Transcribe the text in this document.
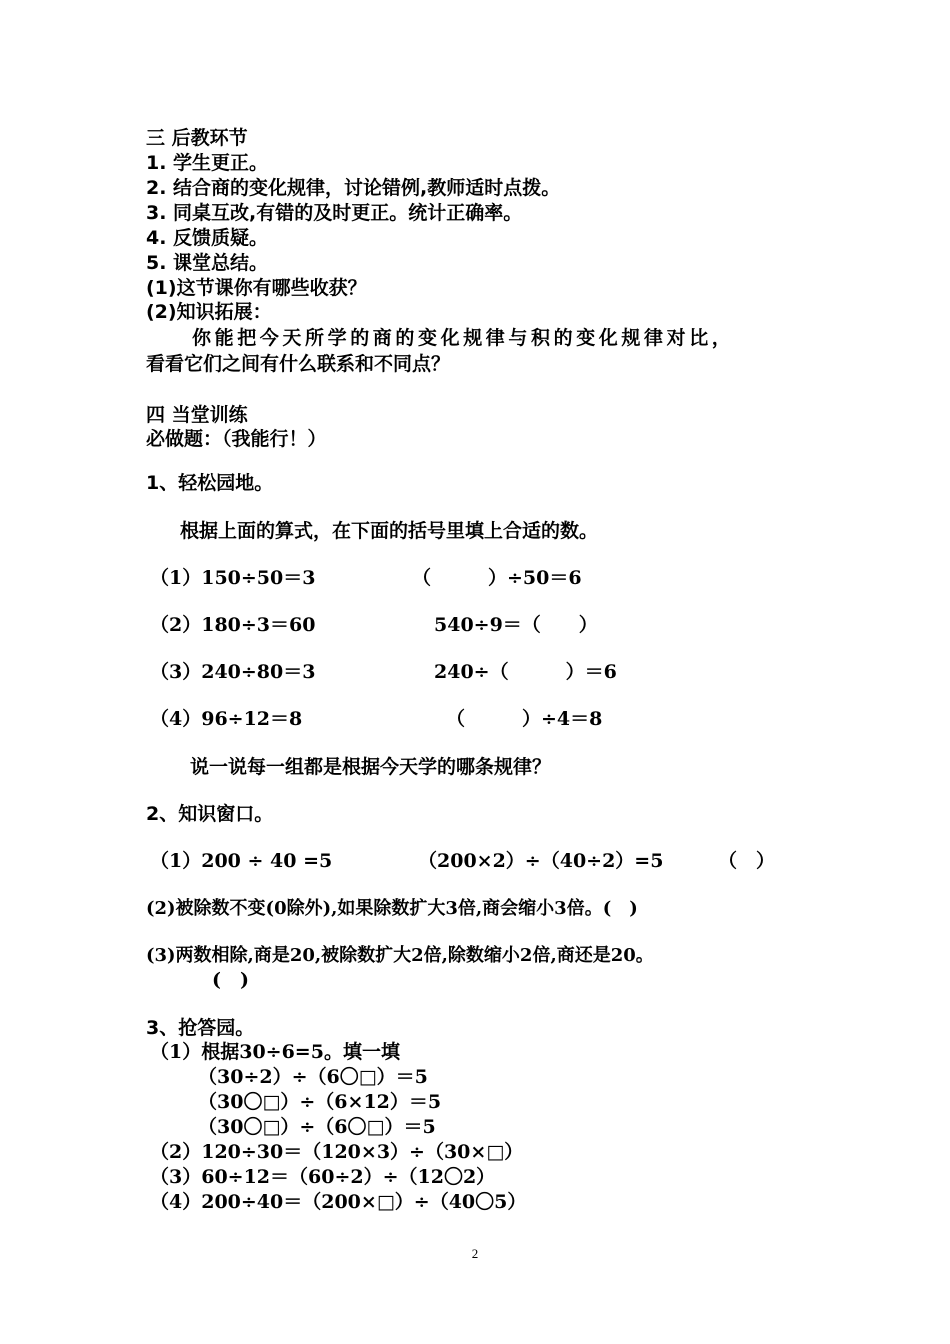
三 后教环节
1. 学生更正。
2. 结合商的变化规律，讨论错例,教师适时点拨。
3. 同桌互改,有错的及时更正。统计正确率。
4. 反馈质疑。
5. 课堂总结。
(1)这节课你有哪些收获？
(2)知识拓展：
你能把今天所学的商的变化规律与积的变化规律对比，
看看它们之间有什么联系和不同点？
四 当堂训练
必做题：（我能行！）
1、轻松园地。
根据上面的算式，在下面的括号里填上合适的数。
（1）150÷50＝3	（　　　）÷50＝6
（2）180÷3＝60	540÷9＝（　　）
（3）240÷80＝3	240÷（　　　）＝6
（4）96÷12＝8	（　　　）÷4＝8
说一说每一组都是根据今天学的哪条规律？
2、知识窗口。
（1）200 ÷ 40 =5	（200×2）÷（40÷2）=5	（　）
(2)被除数不变(0除外),如果除数扩大3倍,商会缩小3倍。(　)
(3)两数相除,商是20,被除数扩大2倍,除数缩小2倍,商还是20。
(　)
3、抢答园。
（1）根据30÷6=5。填一填
（30÷2）÷（6〇□）＝5
（30〇□）÷（6×12）＝5
（30〇□）÷（6〇□）＝5
（2）120÷30＝（120×3）÷（30×□）
（3）60÷12＝（60÷2）÷（12〇2）
（4）200÷40＝（200×□）÷（40〇5）
2
